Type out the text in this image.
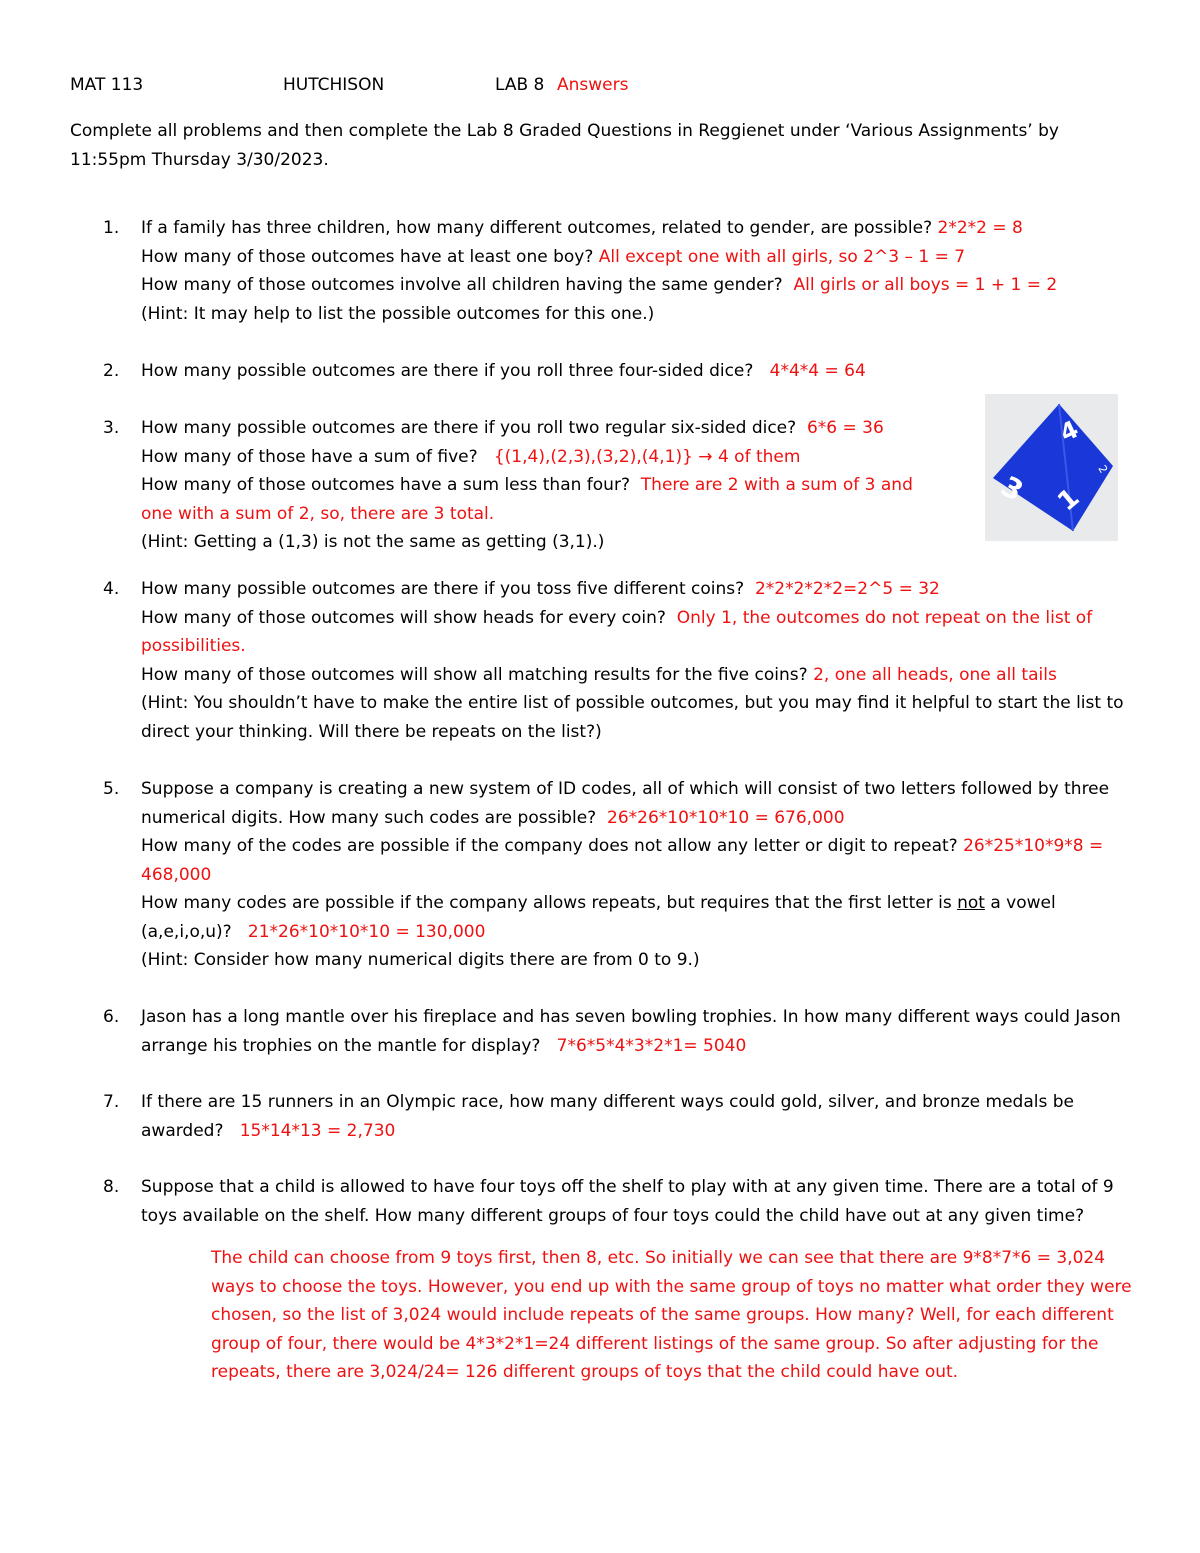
MAT 113	HUTCHISON	LAB 8 Answers
Complete all problems and then complete the Lab 8 Graded Questions in Reggienet under ‘Various Assignments’ by 11:55pm Thursday 3/30/2023.
1. If a family has three children, how many different outcomes, related to gender, are possible? 2*2*2 = 8
How many of those outcomes have at least one boy? All except one with all girls, so 2^3 – 1 = 7
How many of those outcomes involve all children having the same gender? All girls or all boys = 1 + 1 = 2
(Hint: It may help to list the possible outcomes for this one.)
2. How many possible outcomes are there if you roll three four-sided dice? 4*4*4 = 64
3. How many possible outcomes are there if you roll two regular six-sided dice? 6*6 = 36
How many of those have a sum of five? {(1,4),(2,3),(3,2),(4,1)} → 4 of them
How many of those outcomes have a sum less than four? There are 2 with a sum of 3 and one with a sum of 2, so, there are 3 total.
(Hint: Getting a (1,3) is not the same as getting (3,1).)
4. How many possible outcomes are there if you toss five different coins? 2*2*2*2*2=2^5 = 32
How many of those outcomes will show heads for every coin? Only 1, the outcomes do not repeat on the list of possibilities.
How many of those outcomes will show all matching results for the five coins? 2, one all heads, one all tails
(Hint: You shouldn’t have to make the entire list of possible outcomes, but you may find it helpful to start the list to direct your thinking. Will there be repeats on the list?)
5. Suppose a company is creating a new system of ID codes, all of which will consist of two letters followed by three numerical digits. How many such codes are possible? 26*26*10*10*10 = 676,000
How many of the codes are possible if the company does not allow any letter or digit to repeat? 26*25*10*9*8 = 468,000
How many codes are possible if the company allows repeats, but requires that the first letter is not a vowel (a,e,i,o,u)? 21*26*10*10*10 = 130,000
(Hint: Consider how many numerical digits there are from 0 to 9.)
6. Jason has a long mantle over his fireplace and has seven bowling trophies. In how many different ways could Jason arrange his trophies on the mantle for display? 7*6*5*4*3*2*1= 5040
7. If there are 15 runners in an Olympic race, how many different ways could gold, silver, and bronze medals be awarded? 15*14*13 = 2,730
8. Suppose that a child is allowed to have four toys off the shelf to play with at any given time. There are a total of 9 toys available on the shelf. How many different groups of four toys could the child have out at any given time?
The child can choose from 9 toys first, then 8, etc. So initially we can see that there are 9*8*7*6 = 3,024 ways to choose the toys. However, you end up with the same group of toys no matter what order they were chosen, so the list of 3,024 would include repeats of the same groups. How many? Well, for each different group of four, there would be 4*3*2*1=24 different listings of the same group. So after adjusting for the repeats, there are 3,024/24= 126 different groups of toys that the child could have out.
4
3 1
2
